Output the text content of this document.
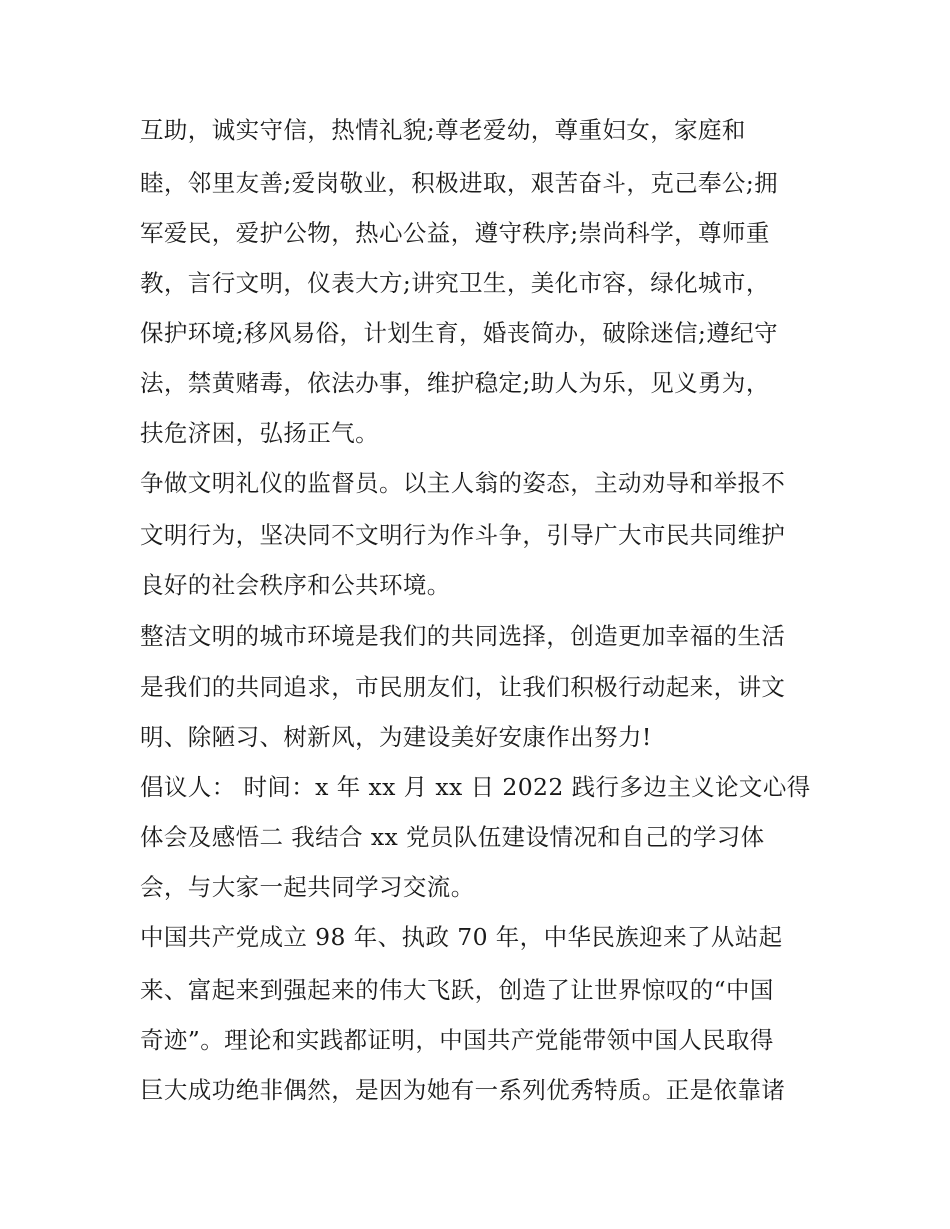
互助，诚实守信，热情礼貌;尊老爱幼，尊重妇女，家庭和
睦，邻里友善;爱岗敬业，积极进取，艰苦奋斗，克己奉公;拥
军爱民，爱护公物，热心公益，遵守秩序;崇尚科学，尊师重
教，言行文明，仪表大方;讲究卫生，美化市容，绿化城市，
保护环境;移风易俗，计划生育，婚丧简办，破除迷信;遵纪守
法，禁黄赌毒，依法办事，维护稳定;助人为乐，见义勇为，
扶危济困，弘扬正气。
争做文明礼仪的监督员。以主人翁的姿态，主动劝导和举报不
文明行为，坚决同不文明行为作斗争，引导广大市民共同维护
良好的社会秩序和公共环境。
整洁文明的城市环境是我们的共同选择，创造更加幸福的生活
是我们的共同追求，市民朋友们，让我们积极行动起来，讲文
明、除陋习、树新风，为建设美好安康作出努力!
倡议人： 时间：x 年 xx 月 xx 日 2022 践行多边主义论文心得
体会及感悟二 我结合 xx 党员队伍建设情况和自己的学习体
会，与大家一起共同学习交流。
中国共产党成立 98 年、执政 70 年，中华民族迎来了从站起
来、富起来到强起来的伟大飞跃，创造了让世界惊叹的“中国
奇迹”。理论和实践都证明，中国共产党能带领中国人民取得
巨大成功绝非偶然，是因为她有一系列优秀特质。正是依靠诸
